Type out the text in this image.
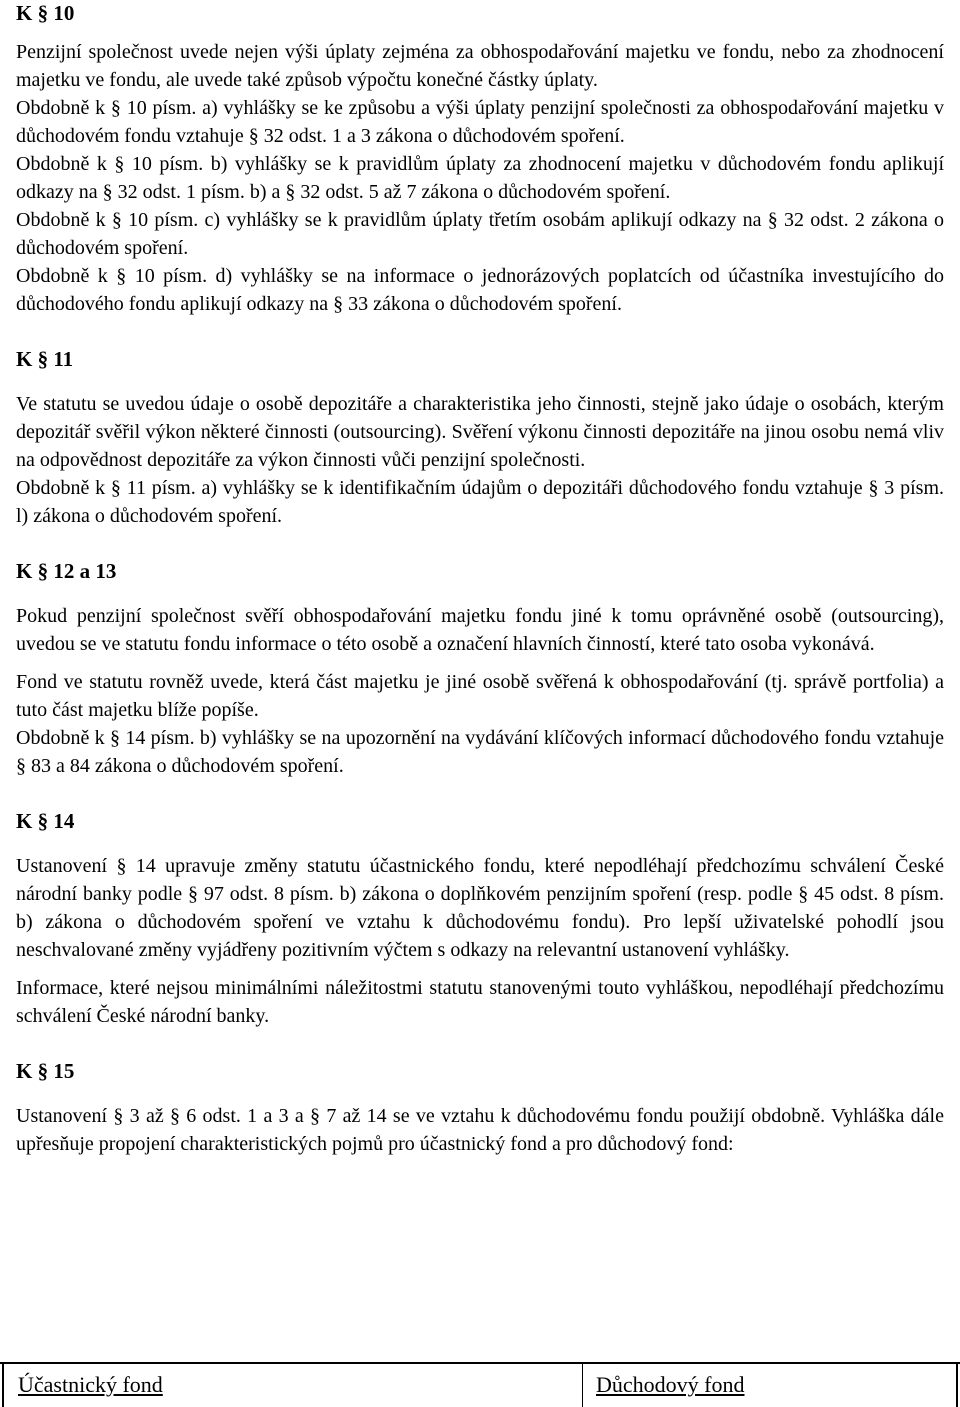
K § 10

Penzijní společnost uvede nejen výši úplaty zejména za obhospodařování majetku ve fondu, nebo za zhodnocení majetku ve fondu, ale uvede také způsob výpočtu konečné částky úplaty.

Obdobně k § 10 písm. a) vyhlášky se ke způsobu a výši úplaty penzijní společnosti za obhospodařování majetku v důchodovém fondu vztahuje § 32 odst. 1 a 3 zákona o důchodovém spoření.

Obdobně k § 10 písm. b) vyhlášky se k pravidlům úplaty za zhodnocení majetku v důchodovém fondu aplikují odkazy na § 32 odst. 1 písm. b) a § 32 odst. 5 až 7 zákona o důchodovém spoření.

Obdobně k § 10 písm. c) vyhlášky se k pravidlům úplaty třetím osobám aplikují odkazy na § 32 odst. 2 zákona o důchodovém spoření.

Obdobně k § 10 písm. d) vyhlášky se na informace o jednorázových poplatcích od účastníka investujícího do důchodového fondu aplikují odkazy na § 33 zákona o důchodovém spoření.

K § 11

Ve statutu se uvedou údaje o osobě depozitáře a charakteristika jeho činnosti, stejně jako údaje o osobách, kterým depozitář svěřil výkon některé činnosti (outsourcing). Svěření výkonu činnosti depozitáře na jinou osobu nemá vliv na odpovědnost depozitáře za výkon činnosti vůči penzijní společnosti.

Obdobně k § 11 písm. a) vyhlášky se k identifikačním údajům o depozitáři důchodového fondu vztahuje § 3 písm. l) zákona o důchodovém spoření.

K § 12 a 13

Pokud penzijní společnost svěří obhospodařování majetku fondu jiné k tomu oprávněné osobě (outsourcing), uvedou se ve statutu fondu informace o této osobě a označení hlavních činností, které tato osoba vykonává.

Fond ve statutu rovněž uvede, která část majetku je jiné osobě svěřená k obhospodařování (tj. správě portfolia) a tuto část majetku blíže popíše.

Obdobně k § 14 písm. b) vyhlášky se na upozornění na vydávání klíčových informací důchodového fondu vztahuje § 83 a 84 zákona o důchodovém spoření.

K § 14

Ustanovení § 14 upravuje změny statutu účastnického fondu, které nepodléhají předchozímu schválení České národní banky podle § 97 odst. 8 písm. b) zákona o doplňkovém penzijním spoření (resp. podle § 45 odst. 8 písm. b) zákona o důchodovém spoření ve vztahu k důchodovému fondu). Pro lepší uživatelské pohodlí jsou neschvalované změny vyjádřeny pozitivním výčtem s odkazy na relevantní ustanovení vyhlášky.

Informace, které nejsou minimálními náležitostmi statutu stanovenými touto vyhláškou, nepodléhají předchozímu schválení České národní banky.

K § 15

Ustanovení § 3 až § 6 odst. 1 a 3 a § 7 až 14 se ve vztahu k důchodovému fondu použijí obdobně. Vyhláška dále upřesňuje propojení charakteristických pojmů pro účastnický fond a pro důchodový fond:

Účastnický fond	Důchodový fond
